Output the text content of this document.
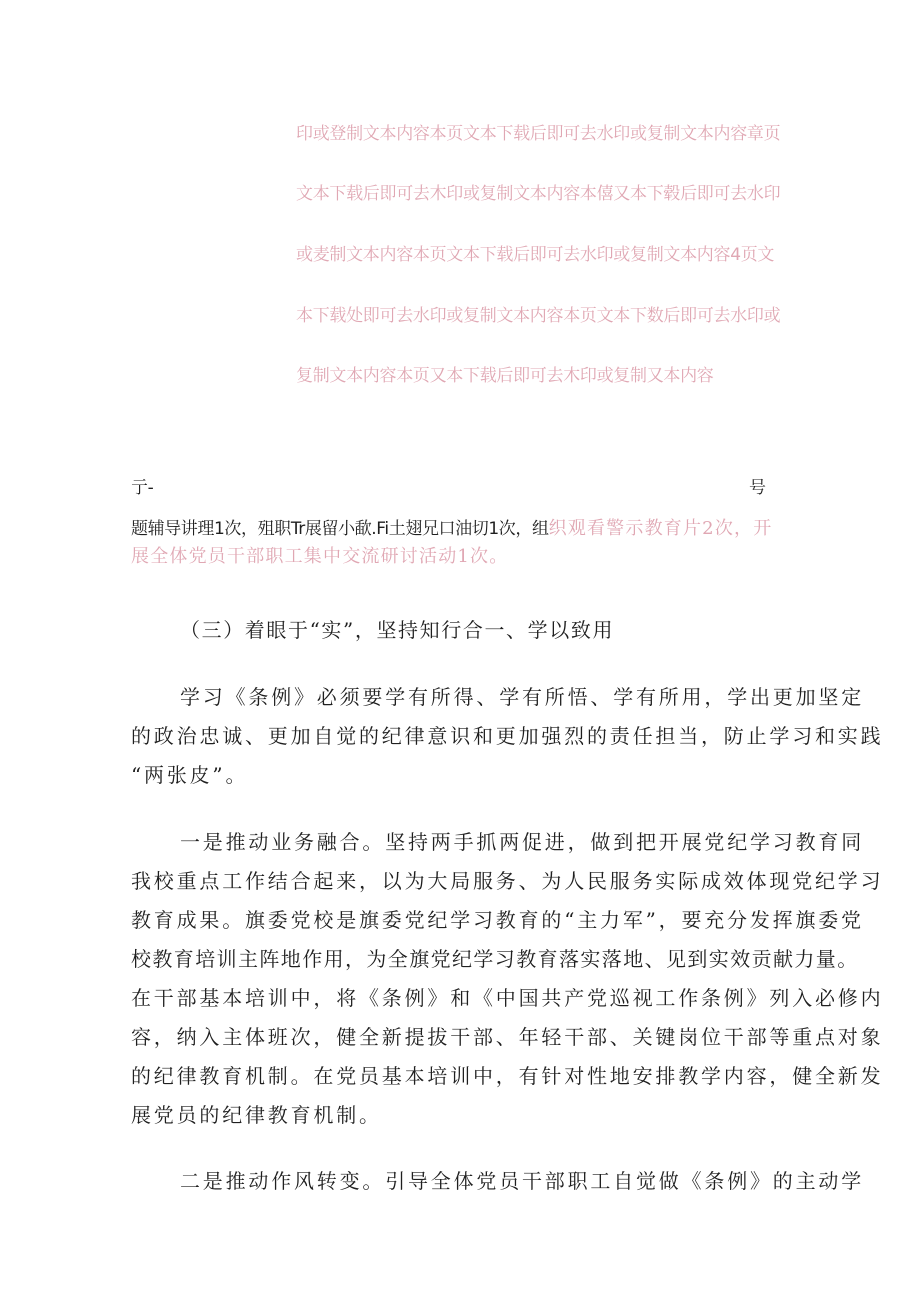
印或登制文本内容本页文本下载后即可去水印或复制文本内容章页
文本下载后即可去木印或复制文本内容本僖又本下毂后即可去水印
或麦制文本内容本页文本下载后即可去水印或复制文本内容4页文
本下载处即可去水印或复制文本内容本页文本下数后即可去水印或
复制文本内容本页又本下载后即可去木印或复制又本内容
亍-	号
题辅导讲理1次，殂职Tr展留小歃.Fi土翅兄口油切1次，组织观看警示教育片2次，开
展全体党员干部职工集中交流研讨活动1次。
（三）着眼于“实”，坚持知行合一、学以致用
学习《条例》必须要学有所得、学有所悟、学有所用，学出更加坚定
的政治忠诚、更加自觉的纪律意识和更加强烈的责任担当，防止学习和实践
“两张皮”。
一是推动业务融合。坚持两手抓两促进，做到把开展党纪学习教育同
我校重点工作结合起来，以为大局服务、为人民服务实际成效体现党纪学习
教育成果。旗委党校是旗委党纪学习教育的“主力军”，要充分发挥旗委党
校教育培训主阵地作用，为全旗党纪学习教育落实落地、见到实效贡献力量。
在干部基本培训中，将《条例》和《中国共产党巡视工作条例》列入必修内
容，纳入主体班次，健全新提拔干部、年轻干部、关键岗位干部等重点对象
的纪律教育机制。在党员基本培训中，有针对性地安排教学内容，健全新发
展党员的纪律教育机制。
二是推动作风转变。引导全体党员干部职工自觉做《条例》的主动学
